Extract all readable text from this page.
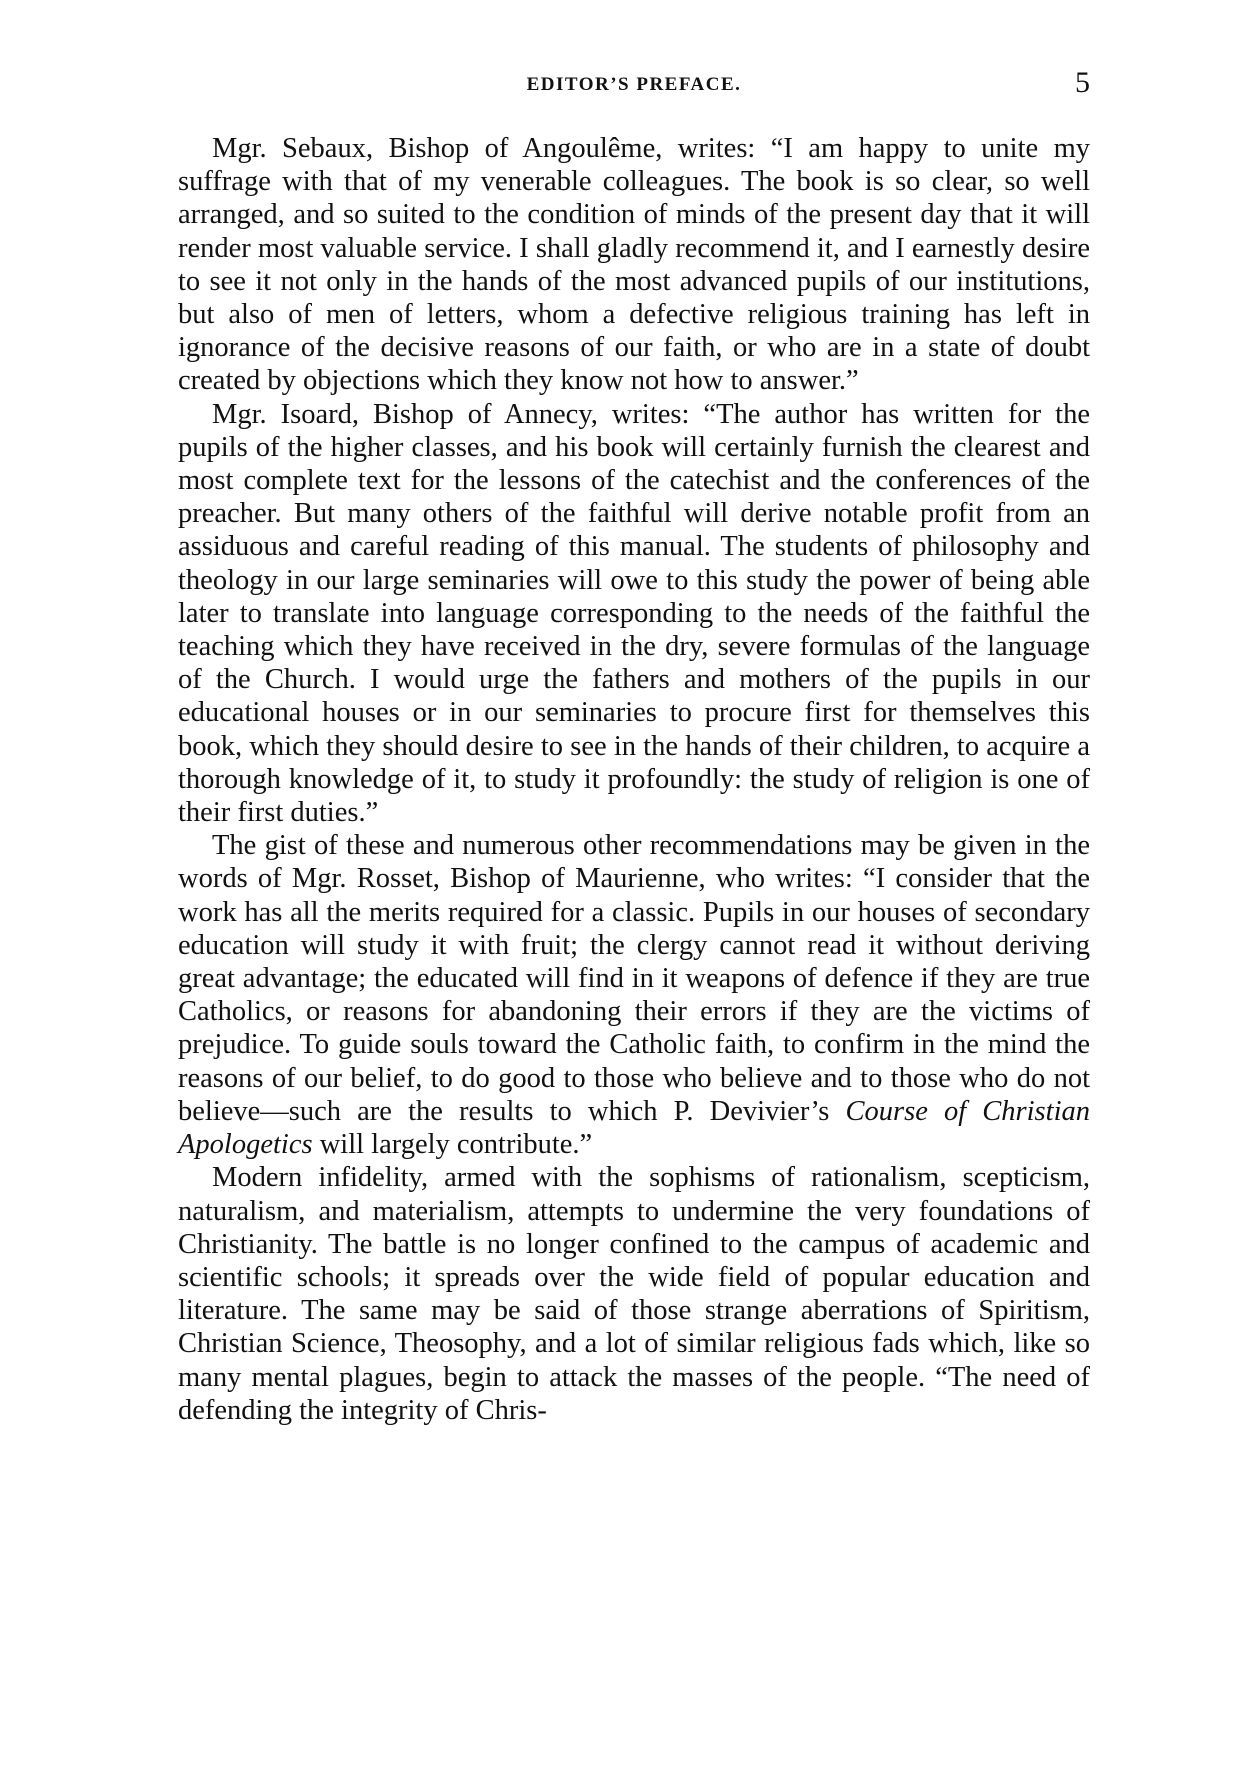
EDITOR’S PREFACE.	5

Mgr. Sebaux, Bishop of Angoulême, writes: “I am happy to unite my suffrage with that of my venerable colleagues. The book is so clear, so well arranged, and so suited to the condition of minds of the present day that it will render most valuable service. I shall gladly recommend it, and I earnestly desire to see it not only in the hands of the most advanced pupils of our institutions, but also of men of letters, whom a defective religious training has left in ignorance of the decisive reasons of our faith, or who are in a state of doubt created by objections which they know not how to answer.”

Mgr. Isoard, Bishop of Annecy, writes: “The author has written for the pupils of the higher classes, and his book will certainly furnish the clearest and most complete text for the lessons of the catechist and the conferences of the preacher. But many others of the faithful will derive notable profit from an assiduous and careful reading of this manual. The students of philosophy and theology in our large seminaries will owe to this study the power of being able later to translate into language corresponding to the needs of the faithful the teaching which they have received in the dry, severe formulas of the language of the Church. I would urge the fathers and mothers of the pupils in our educational houses or in our seminaries to procure first for themselves this book, which they should desire to see in the hands of their children, to acquire a thorough knowledge of it, to study it profoundly: the study of religion is one of their first duties.”

The gist of these and numerous other recommendations may be given in the words of Mgr. Rosset, Bishop of Maurienne, who writes: “I consider that the work has all the merits required for a classic. Pupils in our houses of secondary education will study it with fruit; the clergy cannot read it without deriving great advantage; the educated will find in it weapons of defence if they are true Catholics, or reasons for abandoning their errors if they are the victims of prejudice. To guide souls toward the Catholic faith, to confirm in the mind the reasons of our belief, to do good to those who believe and to those who do not believe—such are the results to which P. Devivier’s Course of Christian Apologetics will largely contribute.”

Modern infidelity, armed with the sophisms of rationalism, scepticism, naturalism, and materialism, attempts to undermine the very foundations of Christianity. The battle is no longer confined to the campus of academic and scientific schools; it spreads over the wide field of popular education and literature. The same may be said of those strange aberrations of Spiritism, Christian Science, Theosophy, and a lot of similar religious fads which, like so many mental plagues, begin to attack the masses of the people. “The need of defending the integrity of Chris-
